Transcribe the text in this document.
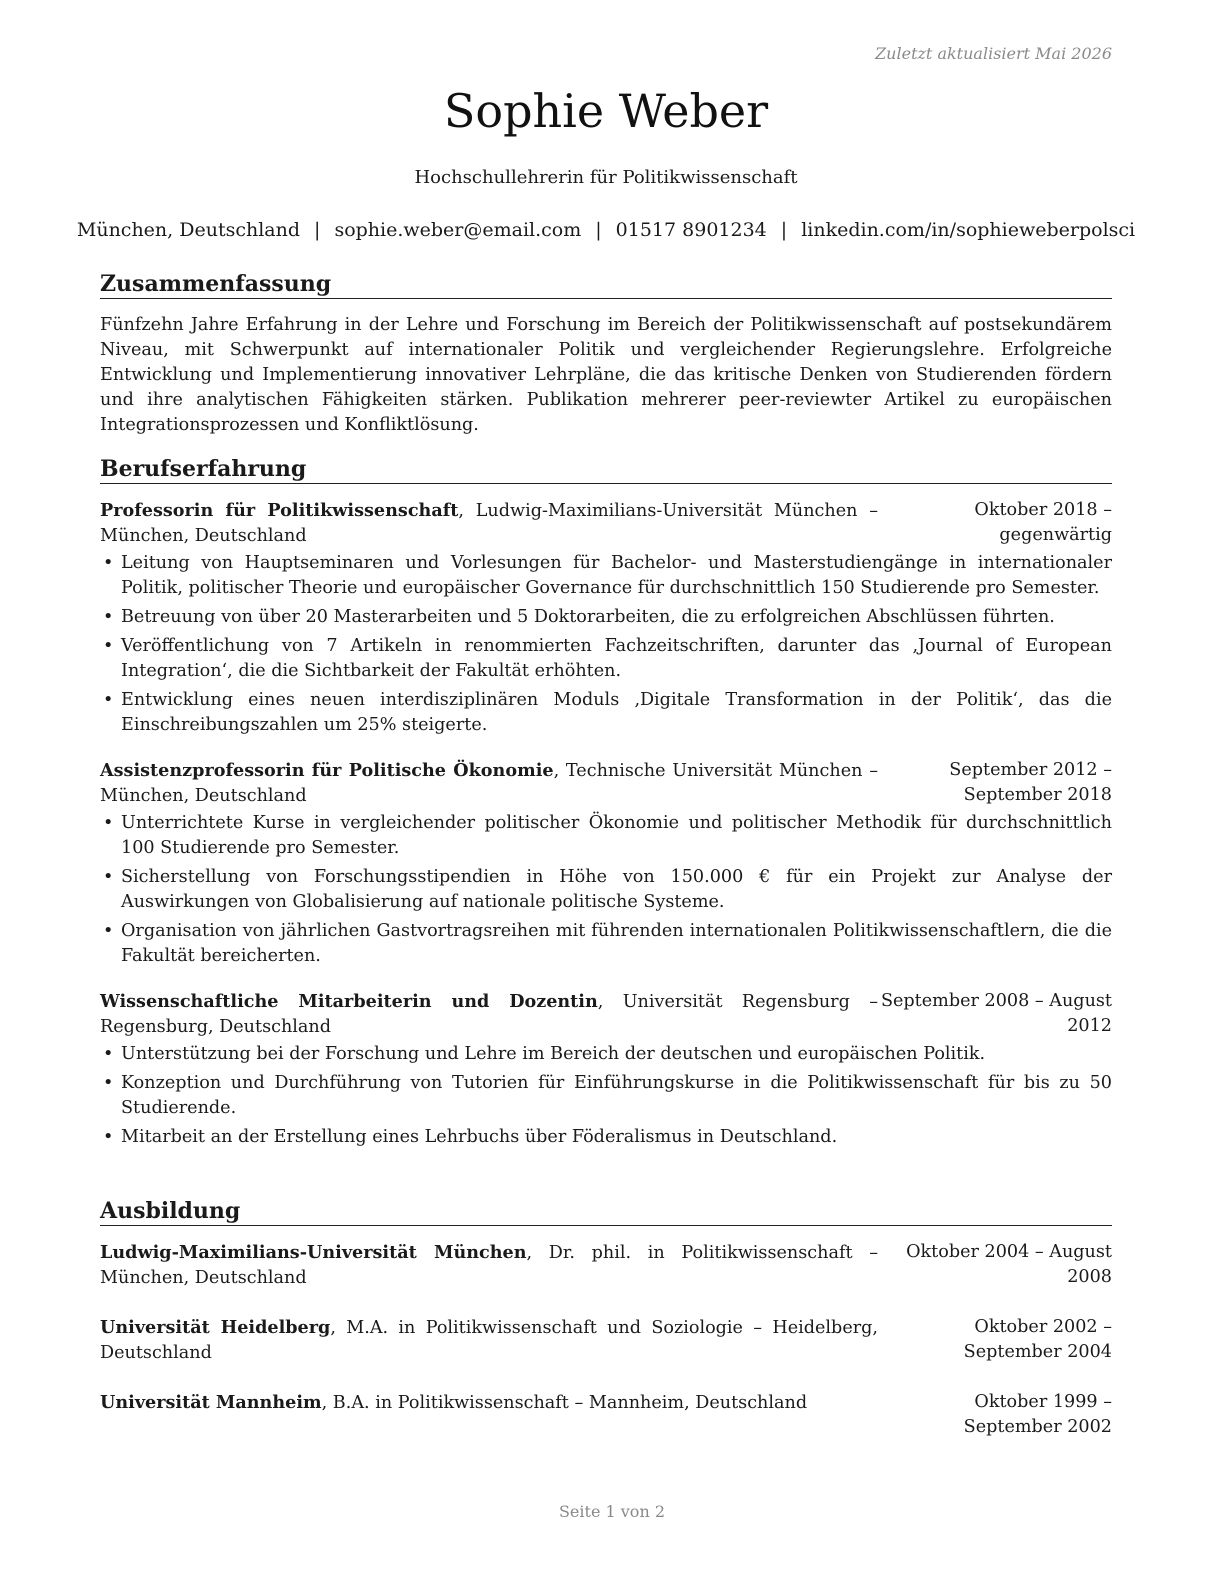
Zuletzt aktualisiert Mai 2026
Sophie Weber
Hochschullehrerin für Politikwissenschaft
München, Deutschland | sophie.weber@email.com | 01517 8901234 | linkedin.com/in/sophieweberpolsci
Zusammenfassung
Fünfzehn Jahre Erfahrung in der Lehre und Forschung im Bereich der Politikwissenschaft auf postsekundärem Niveau, mit Schwerpunkt auf internationaler Politik und vergleichender Regierungslehre. Erfolgreiche Entwicklung und Implementierung innovativer Lehrpläne, die das kritische Denken von Studierenden fördern und ihre analytischen Fähigkeiten stärken. Publikation mehrerer peer-reviewter Artikel zu europäischen Integrationsprozessen und Konfliktlösung.
Berufserfahrung
Professorin für Politikwissenschaft, Ludwig-Maximilians-Universität München – München, Deutschland
Oktober 2018 – gegenwärtig
• Leitung von Hauptseminaren und Vorlesungen für Bachelor- und Masterstudiengänge in internationaler Politik, politischer Theorie und europäischer Governance für durchschnittlich 150 Studierende pro Semester.
• Betreuung von über 20 Masterarbeiten und 5 Doktorarbeiten, die zu erfolgreichen Abschlüssen führten.
• Veröffentlichung von 7 Artikeln in renommierten Fachzeitschriften, darunter das ‚Journal of European Integration‘, die die Sichtbarkeit der Fakultät erhöhten.
• Entwicklung eines neuen interdisziplinären Moduls ‚Digitale Transformation in der Politik‘, das die Einschreibungszahlen um 25% steigerte.
Assistenzprofessorin für Politische Ökonomie, Technische Universität München – München, Deutschland
September 2012 – September 2018
• Unterrichtete Kurse in vergleichender politischer Ökonomie und politischer Methodik für durchschnittlich 100 Studierende pro Semester.
• Sicherstellung von Forschungsstipendien in Höhe von 150.000 € für ein Projekt zur Analyse der Auswirkungen von Globalisierung auf nationale politische Systeme.
• Organisation von jährlichen Gastvortragsreihen mit führenden internationalen Politikwissenschaftlern, die die Fakultät bereicherten.
Wissenschaftliche Mitarbeiterin und Dozentin, Universität Regensburg – Regensburg, Deutschland
September 2008 – August 2012
• Unterstützung bei der Forschung und Lehre im Bereich der deutschen und europäischen Politik.
• Konzeption und Durchführung von Tutorien für Einführungskurse in die Politikwissenschaft für bis zu 50 Studierende.
• Mitarbeit an der Erstellung eines Lehrbuchs über Föderalismus in Deutschland.
Ausbildung
Ludwig-Maximilians-Universität München, Dr. phil. in Politikwissenschaft – München, Deutschland
Oktober 2004 – August 2008
Universität Heidelberg, M.A. in Politikwissenschaft und Soziologie – Heidelberg, Deutschland
Oktober 2002 – September 2004
Universität Mannheim, B.A. in Politikwissenschaft – Mannheim, Deutschland	Oktober 1999 – September 2002
Seite 1 von 2
